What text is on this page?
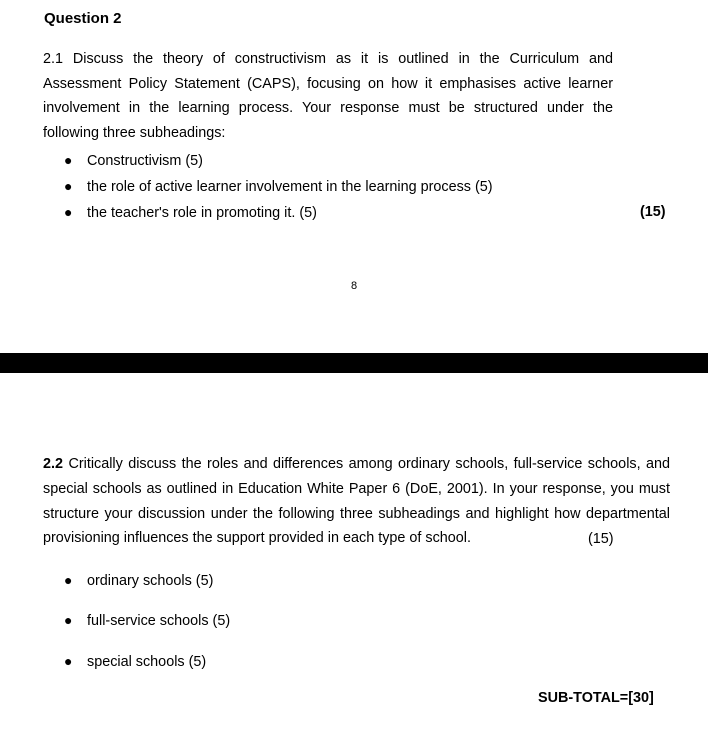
Question 2

2.1 Discuss the theory of constructivism as it is outlined in the Curriculum and Assessment Policy Statement (CAPS), focusing on how it emphasises active learner involvement in the learning process. Your response must be structured under the following three subheadings:

● Constructivism (5)
● the role of active learner involvement in the learning process (5)
● the teacher's role in promoting it. (5)	(15)
8

2.2 Critically discuss the roles and differences among ordinary schools, full-service schools, and special schools as outlined in Education White Paper 6 (DoE, 2001). In your response, you must structure your discussion under the following three subheadings and highlight how departmental provisioning influences the support provided in each type of school.	(15)
● ordinary schools (5)
● full-service schools (5)
● special schools (5)
SUB-TOTAL=[30]
